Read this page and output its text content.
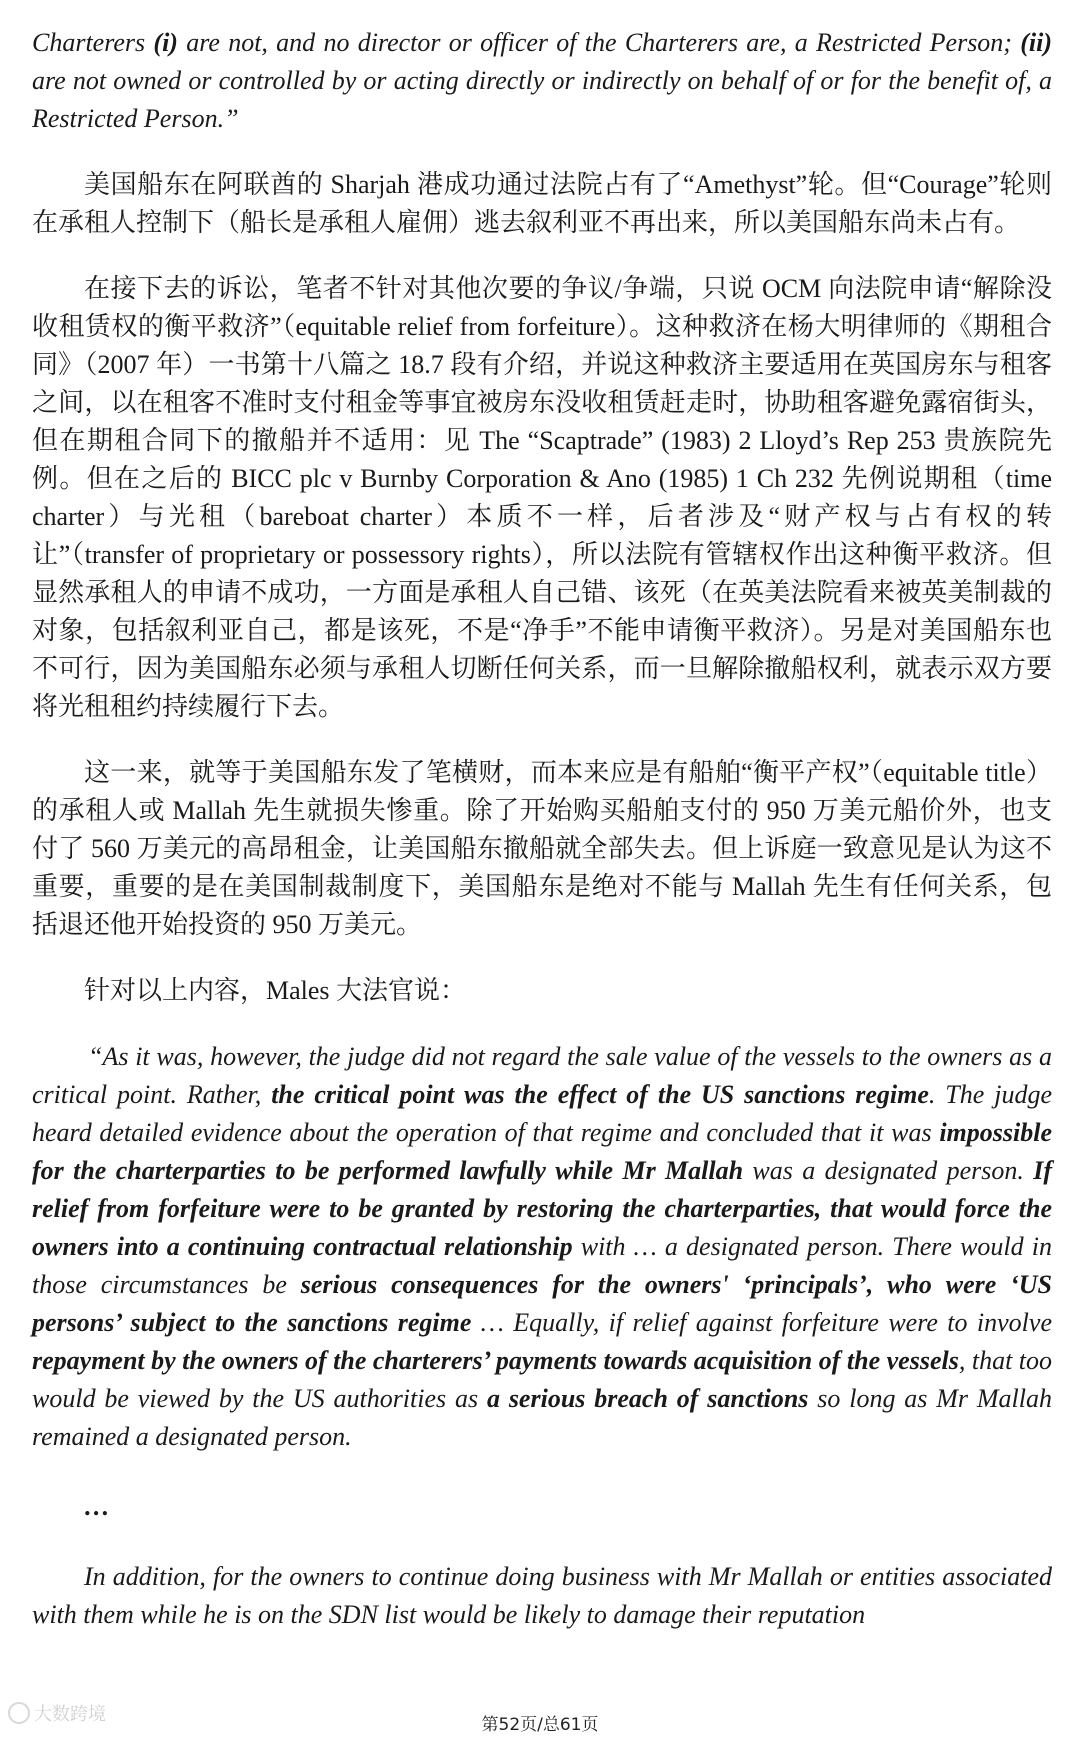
Charterers (i) are not, and no director or officer of the Charterers are, a Restricted Person; (ii) are not owned or controlled by or acting directly or indirectly on behalf of or for the benefit of, a Restricted Person.”

美国船东在阿联酋的 Sharjah 港成功通过法院占有了“Amethyst”轮。但“Courage”轮则在承租人控制下（船长是承租人雇佣）逃去叙利亚不再出来，所以美国船东尚未占有。

在接下去的诉讼，笔者不针对其他次要的争议/争端，只说 OCM 向法院申请“解除没收租赁权的衡平救济”（equitable relief from forfeiture）。这种救济在杨大明律师的《期租合同》（2007 年）一书第十八篇之 18.7 段有介绍，并说这种救济主要适用在英国房东与租客之间，以在租客不准时支付租金等事宜被房东没收租赁赶走时，协助租客避免露宿街头，但在期租合同下的撤船并不适用：见 The “Scaptrade” (1983) 2 Lloyd’s Rep 253 贵族院先例。但在之后的 BICC plc v Burnby Corporation & Ano (1985) 1 Ch 232 先例说期租（time charter）与光租（bareboat charter）本质不一样，后者涉及“财产权与占有权的转让”（transfer of proprietary or possessory rights），所以法院有管辖权作出这种衡平救济。但显然承租人的申请不成功，一方面是承租人自己错、该死（在英美法院看来被英美制裁的对象，包括叙利亚自己，都是该死，不是“净手”不能申请衡平救济）。另是对美国船东也不可行，因为美国船东必须与承租人切断任何关系，而一旦解除撤船权利，就表示双方要将光租租约持续履行下去。

这一来，就等于美国船东发了笔横财，而本来应是有船舶“衡平产权”（equitable title）的承租人或 Mallah 先生就损失惨重。除了开始购买船舶支付的 950 万美元船价外，也支付了 560 万美元的高昂租金，让美国船东撤船就全部失去。但上诉庭一致意见是认为这不重要，重要的是在美国制裁制度下，美国船东是绝对不能与 Mallah 先生有任何关系，包括退还他开始投资的 950 万美元。

针对以上内容，Males 大法官说：

“As it was, however, the judge did not regard the sale value of the vessels to the owners as a critical point. Rather, the critical point was the effect of the US sanctions regime. The judge heard detailed evidence about the operation of that regime and concluded that it was impossible for the charterparties to be performed lawfully while Mr Mallah was a designated person. If relief from forfeiture were to be granted by restoring the charterparties, that would force the owners into a continuing contractual relationship with … a designated person. There would in those circumstances be serious consequences for the owners' ‘principals’, who were ‘US persons’ subject to the sanctions regime … Equally, if relief against forfeiture were to involve repayment by the owners of the charterers’ payments towards acquisition of the vessels, that too would be viewed by the US authorities as a serious breach of sanctions so long as Mr Mallah remained a designated person.

…

In addition, for the owners to continue doing business with Mr Mallah or entities associated with them while he is on the SDN list would be likely to damage their reputation

大数跨境	第52页/总61页
